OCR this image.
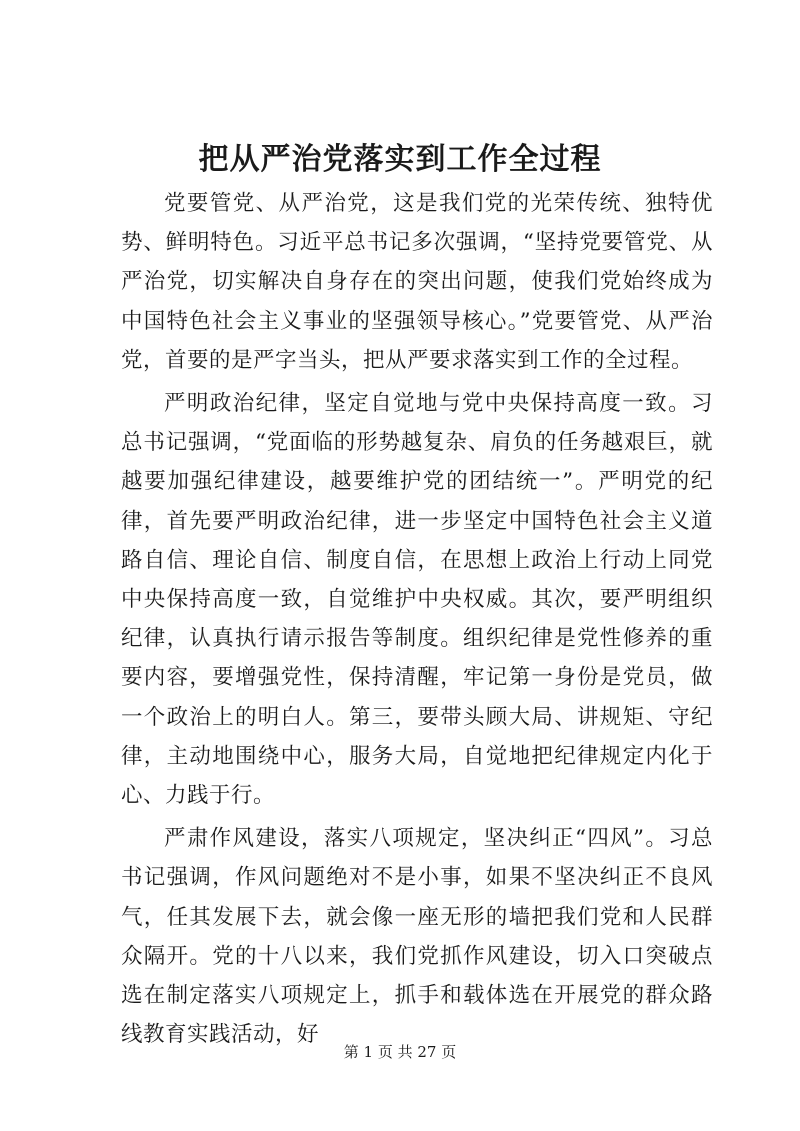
把从严治党落实到工作全过程

党要管党、从严治党，这是我们党的光荣传统、独特优势、鲜明特色。习近平总书记多次强调，“坚持党要管党、从严治党，切实解决自身存在的突出问题，使我们党始终成为中国特色社会主义事业的坚强领导核心。”党要管党、从严治党，首要的是严字当头，把从严要求落实到工作的全过程。

严明政治纪律，坚定自觉地与党中央保持高度一致。习总书记强调，“党面临的形势越复杂、肩负的任务越艰巨，就越要加强纪律建设，越要维护党的团结统一”。严明党的纪律，首先要严明政治纪律，进一步坚定中国特色社会主义道路自信、理论自信、制度自信，在思想上政治上行动上同党中央保持高度一致，自觉维护中央权威。其次，要严明组织纪律，认真执行请示报告等制度。组织纪律是党性修养的重要内容，要增强党性，保持清醒，牢记第一身份是党员，做一个政治上的明白人。第三，要带头顾大局、讲规矩、守纪律，主动地围绕中心，服务大局，自觉地把纪律规定内化于心、力践于行。

严肃作风建设，落实八项规定，坚决纠正“四风”。习总书记强调，作风问题绝对不是小事，如果不坚决纠正不良风气，任其发展下去，就会像一座无形的墙把我们党和人民群众隔开。党的十八以来，我们党抓作风建设，切入口突破点选在制定落实八项规定上，抓手和载体选在开展党的群众路线教育实践活动，好

第 1 页 共 27 页
